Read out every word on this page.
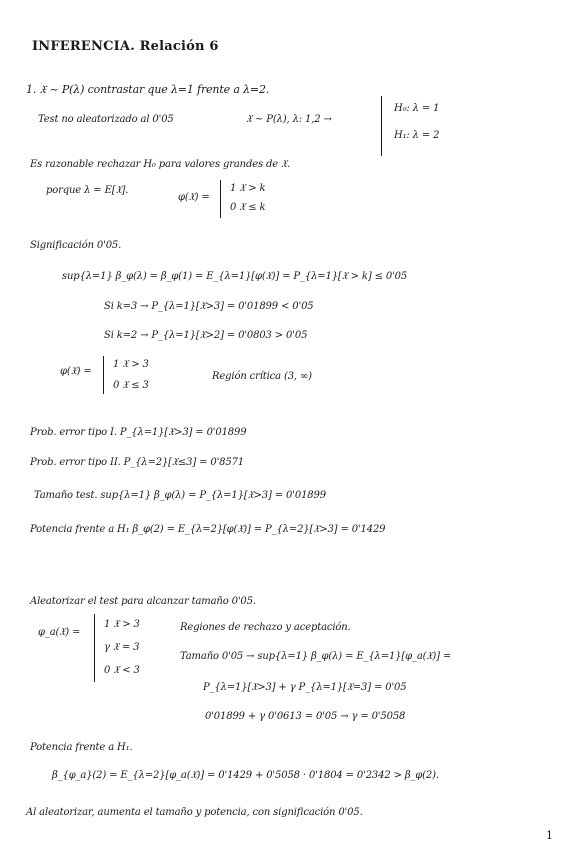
INFERENCIA. Relación 6
1. 𝔛 ~ P(λ) contrastar que λ=1 frente a λ=2.
Test no aleatorizado al 0'05	𝔛 ~ P(λ), λ: 1,2 →
H₀: λ = 1
H₁: λ = 2
Es razonable rechazar H₀ para valores grandes de 𝔛.
porque λ = E[𝔛].
φ(𝔛) =
1 𝔛 > k
0 𝔛 ≤ k
Significación 0'05.
sup{λ=1} β_φ(λ) = β_φ(1) = E_{λ=1}[φ(𝔛)] = P_{λ=1}[𝔛 > k] ≤ 0'05
Si k=3 → P_{λ=1}[𝔛>3] = 0'01899 < 0'05
Si k=2 → P_{λ=1}[𝔛>2] = 0'0803 > 0'05
φ(𝔛) =
1 𝔛 > 3
0 𝔛 ≤ 3
Región crítica (3, ∞)
Prob. error tipo I. P_{λ=1}[𝔛>3] = 0'01899
Prob. error tipo II. P_{λ=2}[𝔛≤3] = 0'8571
Tamaño test. sup{λ=1} β_φ(λ) = P_{λ=1}[𝔛>3] = 0'01899
Potencia frente a H₁ β_φ(2) = E_{λ=2}[φ(𝔛)] = P_{λ=2}[𝔛>3] = 0'1429
Aleatorizar el test para alcanzar tamaño 0'05.
φ_a(𝔛) =
1 𝔛 > 3
γ 𝔛 = 3
0 𝔛 < 3
Regiones de rechazo y aceptación.
Tamaño 0'05 → sup{λ=1} β_φ(λ) = E_{λ=1}[φ_a(𝔛)] =
P_{λ=1}[𝔛>3] + γ P_{λ=1}[𝔛=3] = 0'05
0'01899 + γ 0'0613 = 0'05 → γ = 0'5058
Potencia frente a H₁.
β_{φ_a}(2) = E_{λ=2}[φ_a(𝔛)] = 0'1429 + 0'5058 · 0'1804 = 0'2342 > β_φ(2).
Al aleatorizar, aumenta el tamaño y potencia, con significación 0'05.
1
